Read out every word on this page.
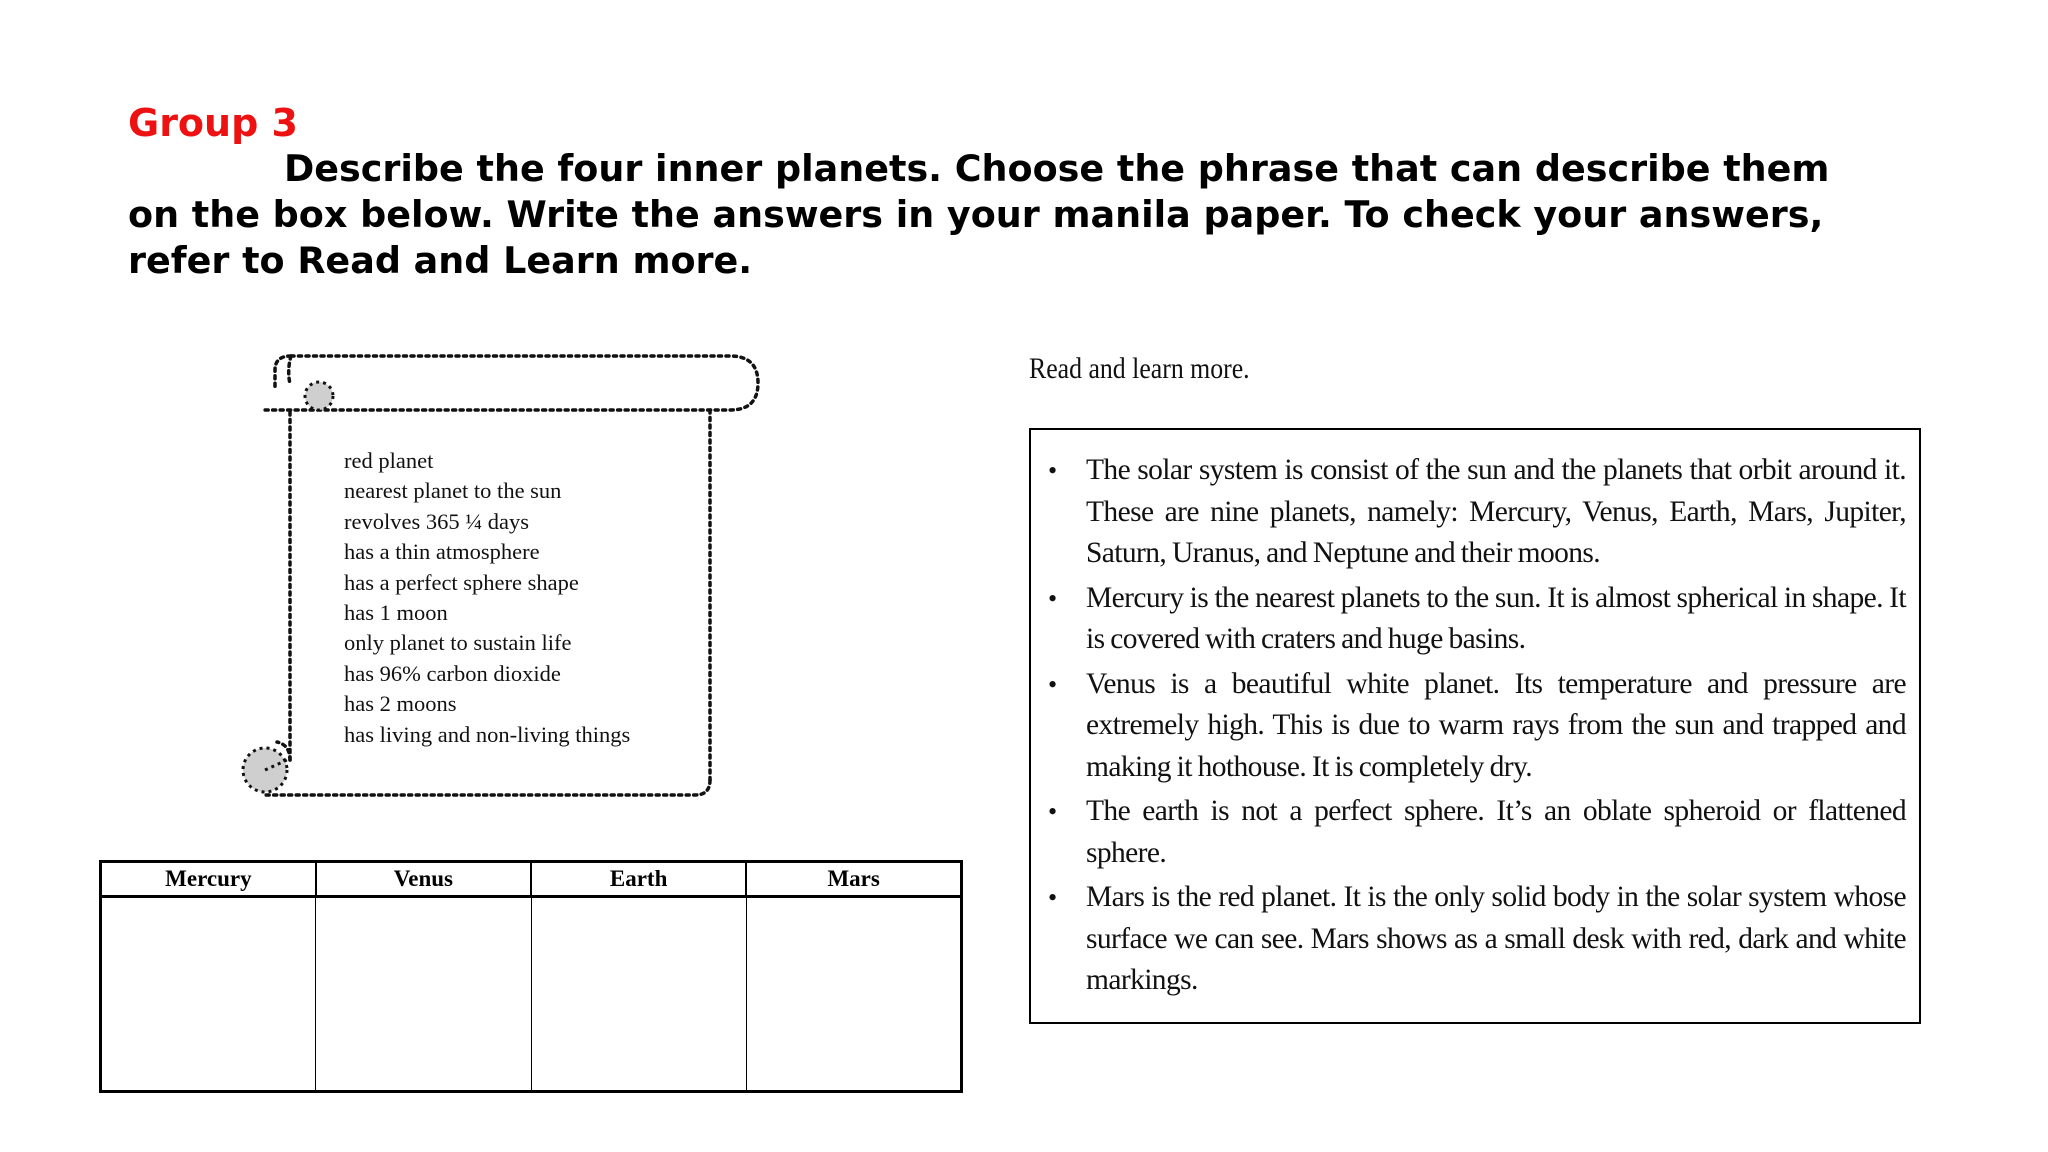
Group 3

Describe the four inner planets. Choose the phrase that can describe them
on the box below. Write the answers in your manila paper. To check your answers,
refer to Read and Learn more.

red planet
nearest planet to the sun
revolves 365 ¼ days
has a thin atmosphere
has a perfect sphere shape
has 1 moon
only planet to sustain life
has 96% carbon dioxide
has 2 moons
has living and non-living things
Mercury	Venus	Earth	Mars

Read and learn more.
• The solar system is consist of the sun and the planets that orbit around it. These are nine planets, namely: Mercury, Venus, Earth, Mars, Jupiter, Saturn, Uranus, and Neptune and their moons.
• Mercury is the nearest planets to the sun. It is almost spherical in shape. It is covered with craters and huge basins.
• Venus is a beautiful white planet. Its temperature and pressure are extremely high. This is due to warm rays from the sun and trapped and making it hothouse. It is completely dry.
• The earth is not a perfect sphere. It’s an oblate spheroid or flattened sphere.
• Mars is the red planet. It is the only solid body in the solar system whose surface we can see. Mars shows as a small desk with red, dark and white markings.
